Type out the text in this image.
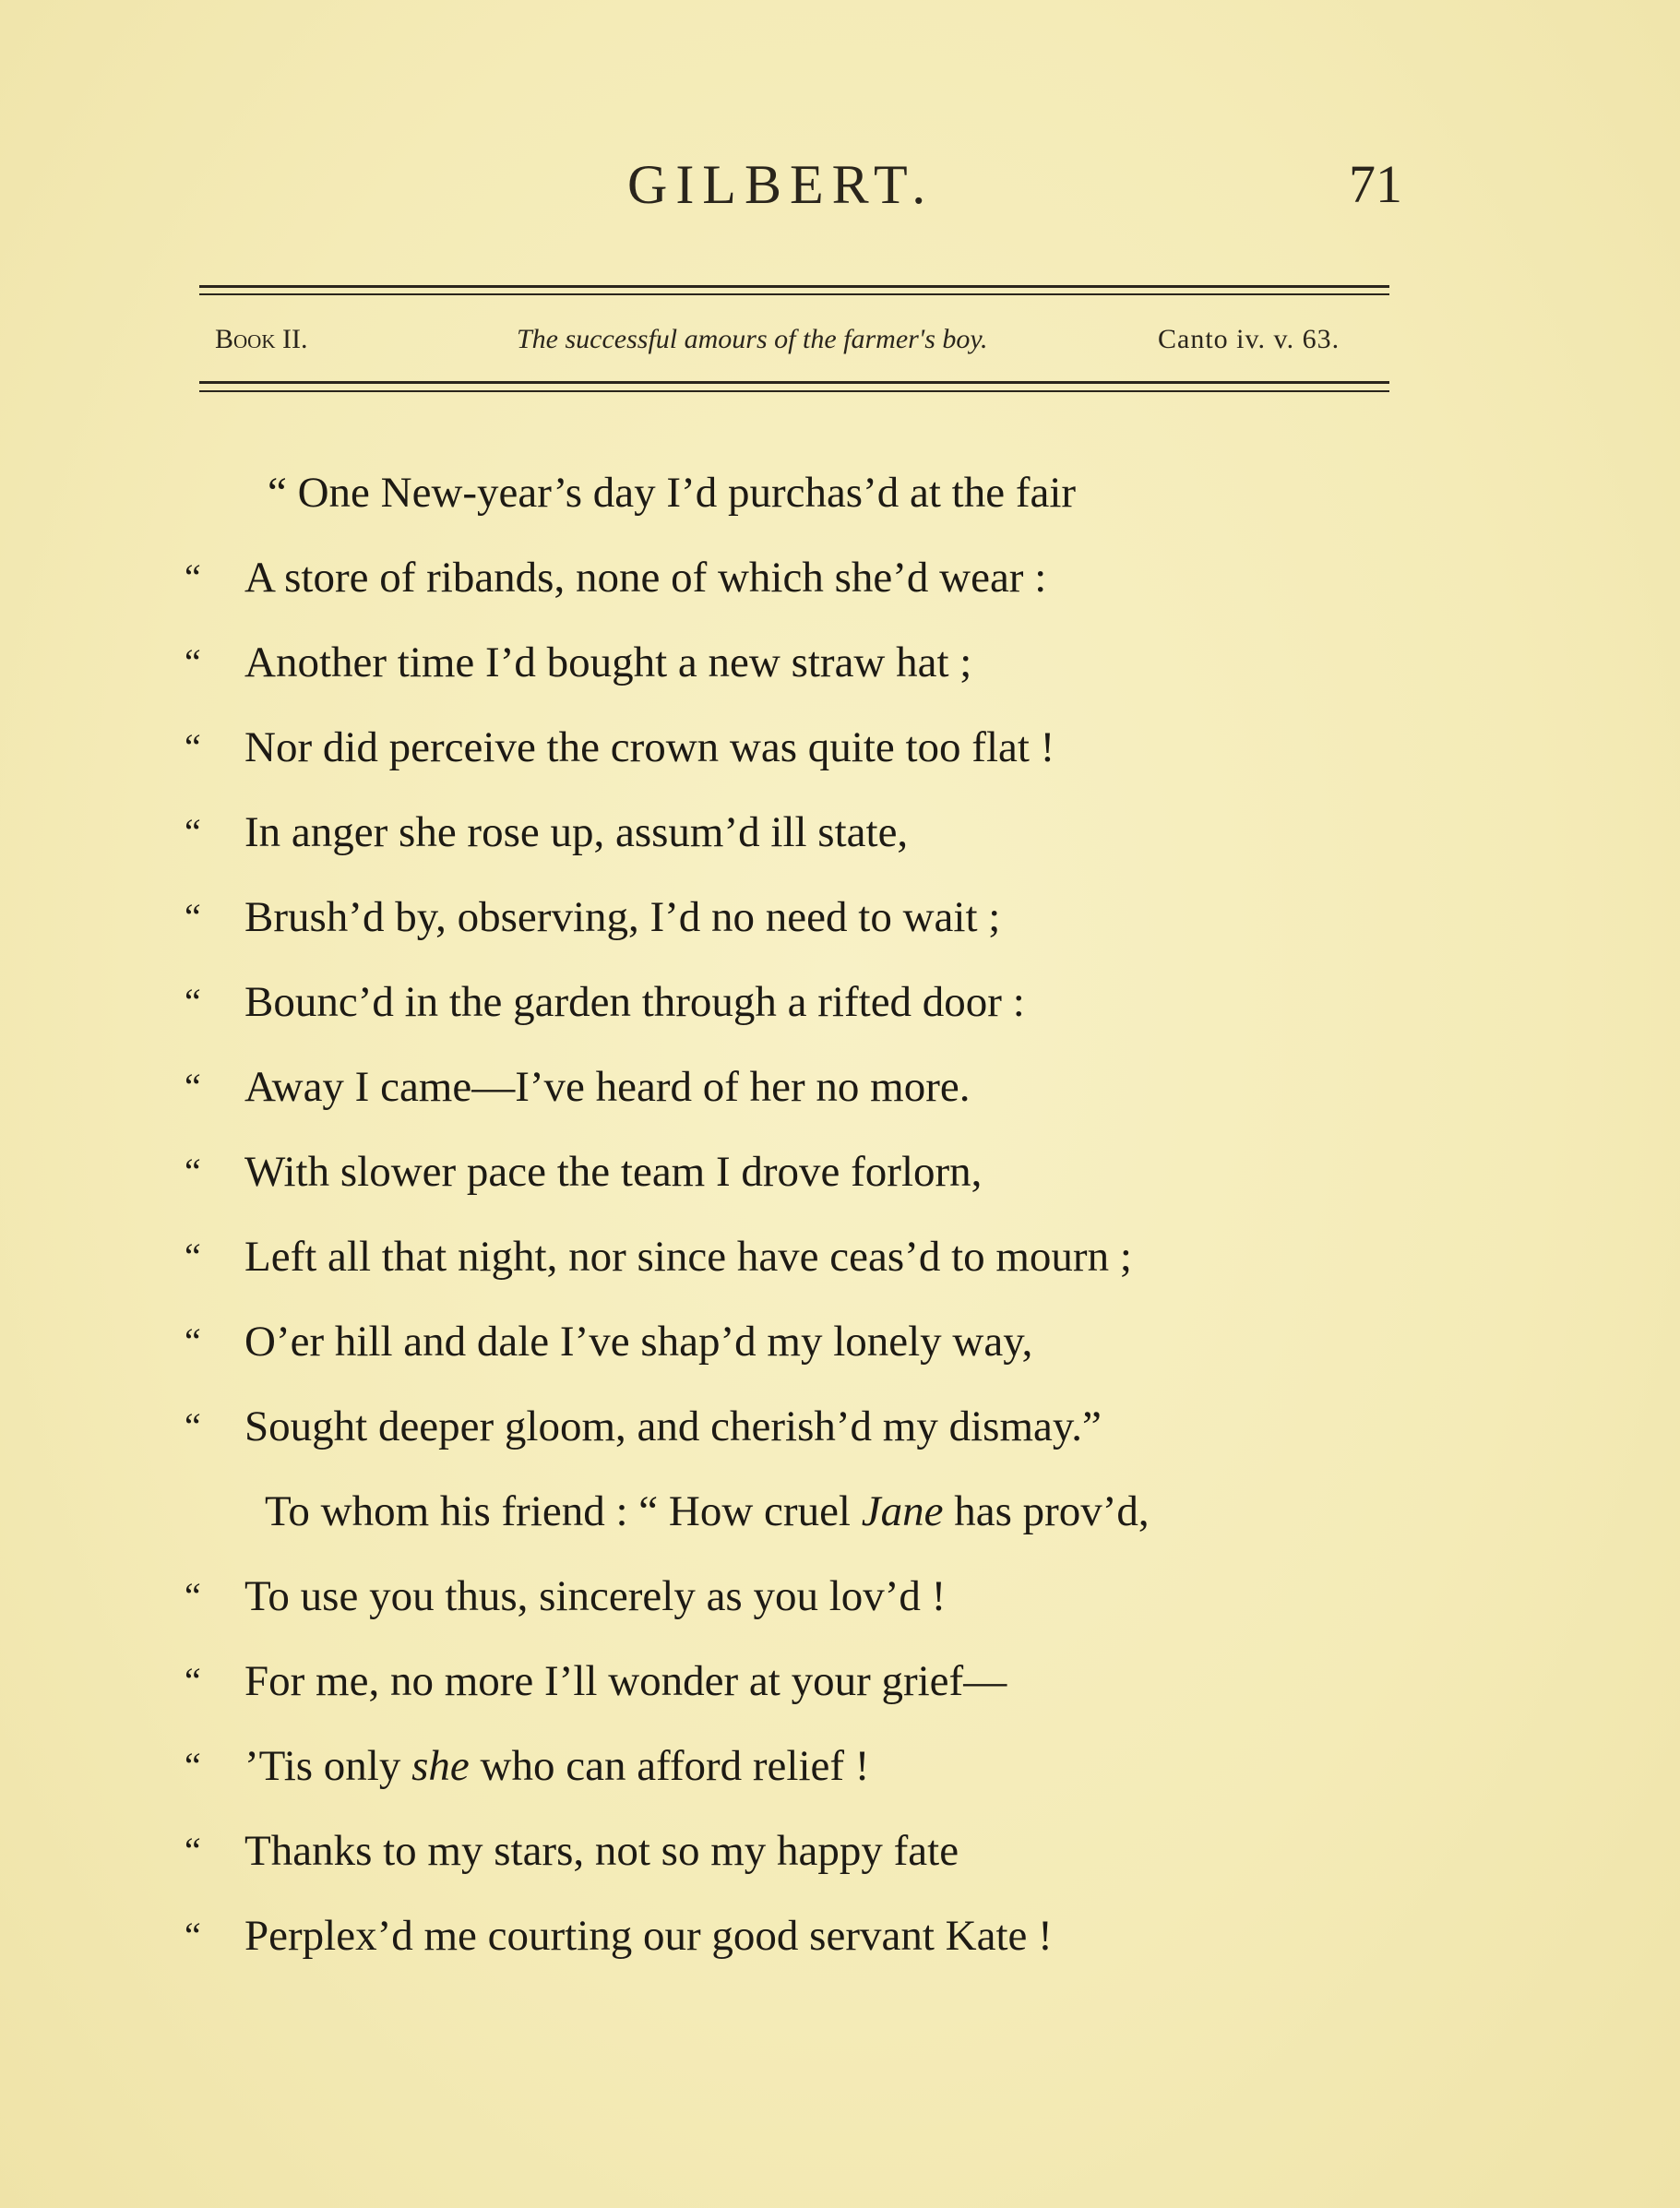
GILBERT.	71
Book II.	The successful amours of the farmer's boy.	Canto iv. v. 63.
“ One New-year’s day I’d purchas’d at the fair
“ A store of ribands, none of which she’d wear :
“ Another time I’d bought a new straw hat ;
“ Nor did perceive the crown was quite too flat !
“ In anger she rose up, assum’d ill state,
“ Brush’d by, observing, I’d no need to wait ;
“ Bounc’d in the garden through a rifted door :
“ Away I came—I’ve heard of her no more.
“ With slower pace the team I drove forlorn,
“ Left all that night, nor since have ceas’d to mourn ;
“ O’er hill and dale I’ve shap’d my lonely way,
“ Sought deeper gloom, and cherish’d my dismay.”
To whom his friend : “ How cruel Jane has prov’d,
“ To use you thus, sincerely as you lov’d !
“ For me, no more I’ll wonder at your grief—
“ ’Tis only she who can afford relief !
“ Thanks to my stars, not so my happy fate
“ Perplex’d me courting our good servant Kate !
